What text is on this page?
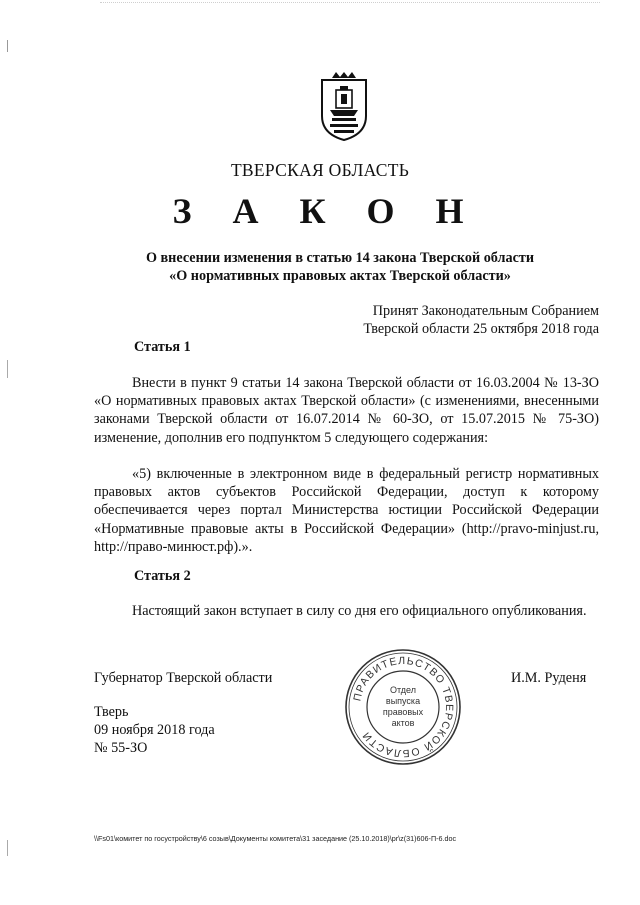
ТВЕРСКАЯ ОБЛАСТЬ
З А К О Н
О внесении изменения в статью 14 закона Тверской области
«О нормативных правовых актах Тверской области»
Принят Законодательным Собранием
Тверской области 25 октября 2018 года
Статья 1
Внести в пункт 9 статьи 14 закона Тверской области от 16.03.2004 № 13-ЗО «О нормативных правовых актах Тверской области» (с изменениями, внесенными законами Тверской области от 16.07.2014 № 60-ЗО, от 15.07.2015 № 75-ЗО) изменение, дополнив его подпунктом 5 следующего содержания:
«5) включенные в электронном виде в федеральный регистр нормативных правовых актов субъектов Российской Федерации, доступ к которому обеспечивается через портал Министерства юстиции Российской Федерации «Нормативные правовые акты в Российской Федерации» (http://pravo-minjust.ru, http://право-минюст.рф).».
Статья 2
Настоящий закон вступает в силу со дня его официального опубликования.
Губернатор Тверской области	И.М. Руденя
Тверь
09 ноября 2018 года
№ 55-ЗО
ПРАВИТЕЛЬСТВО ТВЕРСКОЙ ОБЛАСТИ
Отдел
выпуска
правовых
актов
\\Fs01\комитет по госустройству\6 созыв\Документы комитета\31 заседание (25.10.2018)\pr\z(31)606-П-6.doc
